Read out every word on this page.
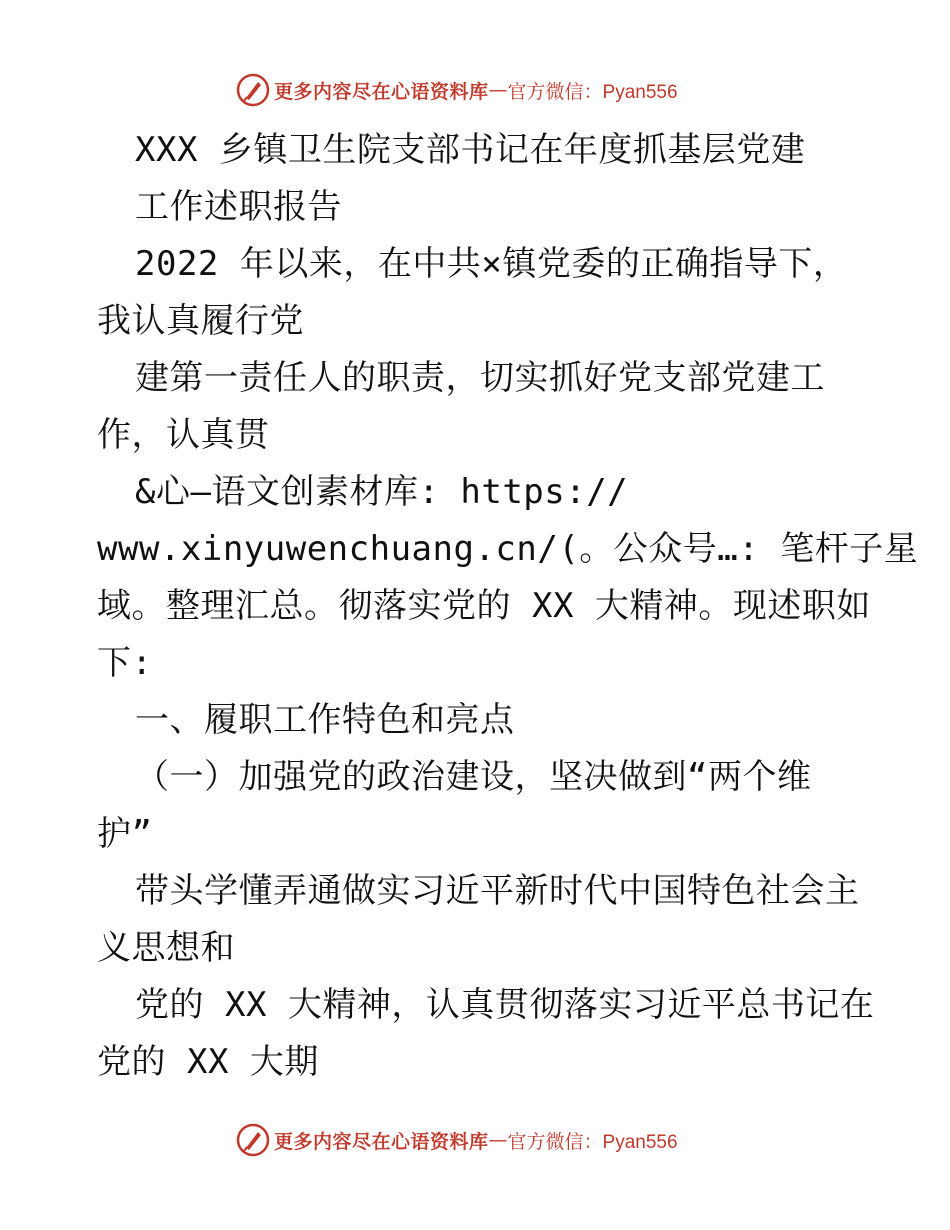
更多内容尽在心语资料库 — 官方微信：Pyan556
XXX 乡镇卫生院支部书记在年度抓基层党建
工作述职报告
2022 年以来，在中共×镇党委的正确指导下，
我认真履行党
建第一责任人的职责，切实抓好党支部党建工
作，认真贯
&心—语文创素材库: https://
www.xinyuwenchuang.cn/(。公众号…: 笔杆子星
域。整理汇总。彻落实党的 XX 大精神。现述职如
下:
一、履职工作特色和亮点
（一）加强党的政治建设，坚决做到“两个维
护”
带头学懂弄通做实习近平新时代中国特色社会主
义思想和
党的 XX 大精神，认真贯彻落实习近平总书记在
党的 XX 大期
更多内容尽在心语资料库 — 官方微信：Pyan556
